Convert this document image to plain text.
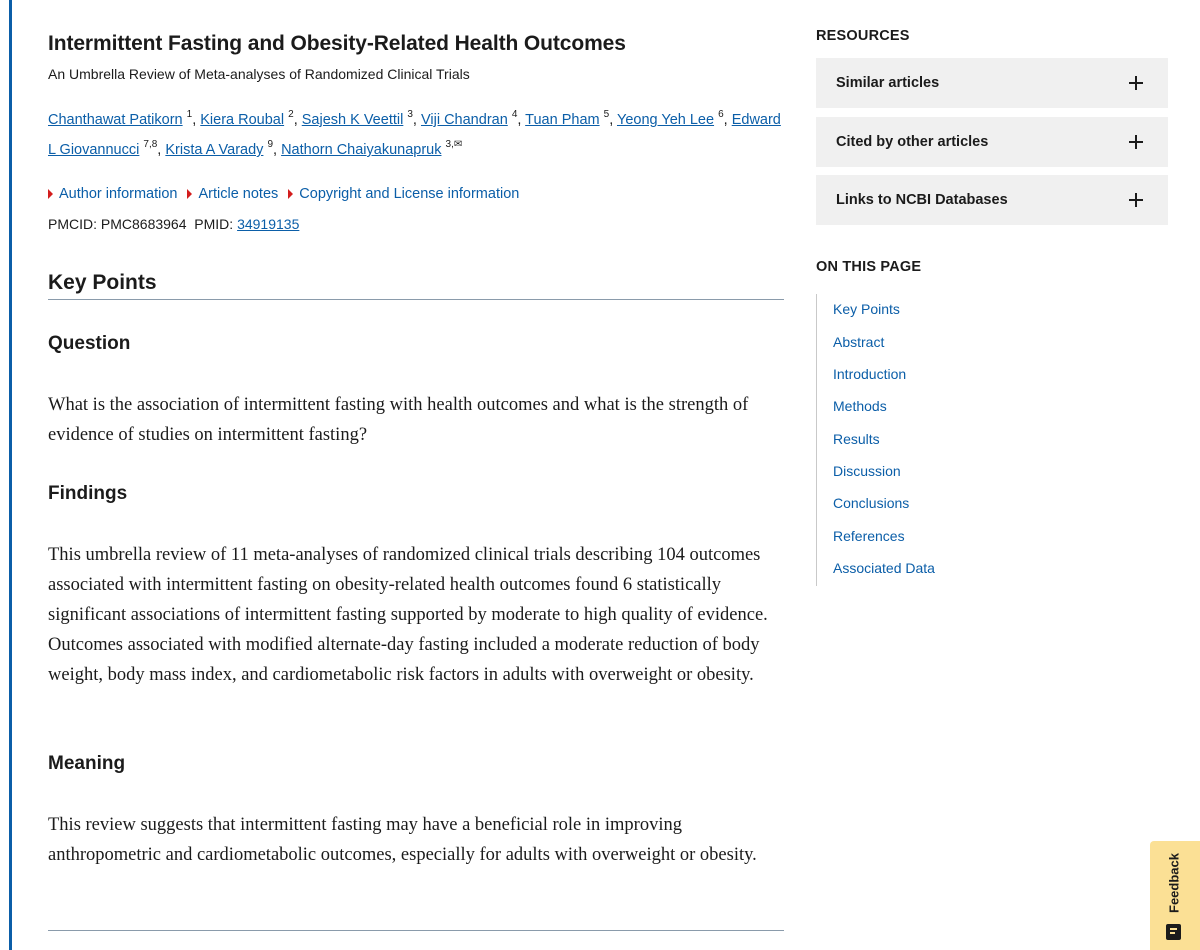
Intermittent Fasting and Obesity-Related Health Outcomes
An Umbrella Review of Meta-analyses of Randomized Clinical Trials
Chanthawat Patikorn $^1$, Kiera Roubal $^2$, Sajesh K Veettil $^3$, Viji Chandran $^4$, Tuan Pham $^5$, Yeong Yeh Lee $^6$, Edward L Giovannucci $^{7,8}$, Krista A Varady $^9$, Nathorn Chaiyakunapruk $^{3,✉}$
Author information Article notes Copyright and License information
PMCID: PMC8683964 PMID: 34919135
Key Points
Question

What is the association of intermittent fasting with health outcomes and what is the strength of evidence of studies on intermittent fasting?

Findings

This umbrella review of 11 meta-analyses of randomized clinical trials describing 104 outcomes associated with intermittent fasting on obesity-related health outcomes found 6 statistically significant associations of intermittent fasting supported by moderate to high quality of evidence. Outcomes associated with modified alternate-day fasting included a moderate reduction of body weight, body mass index, and cardiometabolic risk factors in adults with overweight or obesity.

Meaning

This review suggests that intermittent fasting may have a beneficial role in improving anthropometric and cardiometabolic outcomes, especially for adults with overweight or obesity.

RESOURCES
Similar articles
Cited by other articles
Links to NCBI Databases
ON THIS PAGE
Key Points
Abstract
Introduction
Methods
Results
Discussion
Conclusions
References
Associated Data
Feedback
